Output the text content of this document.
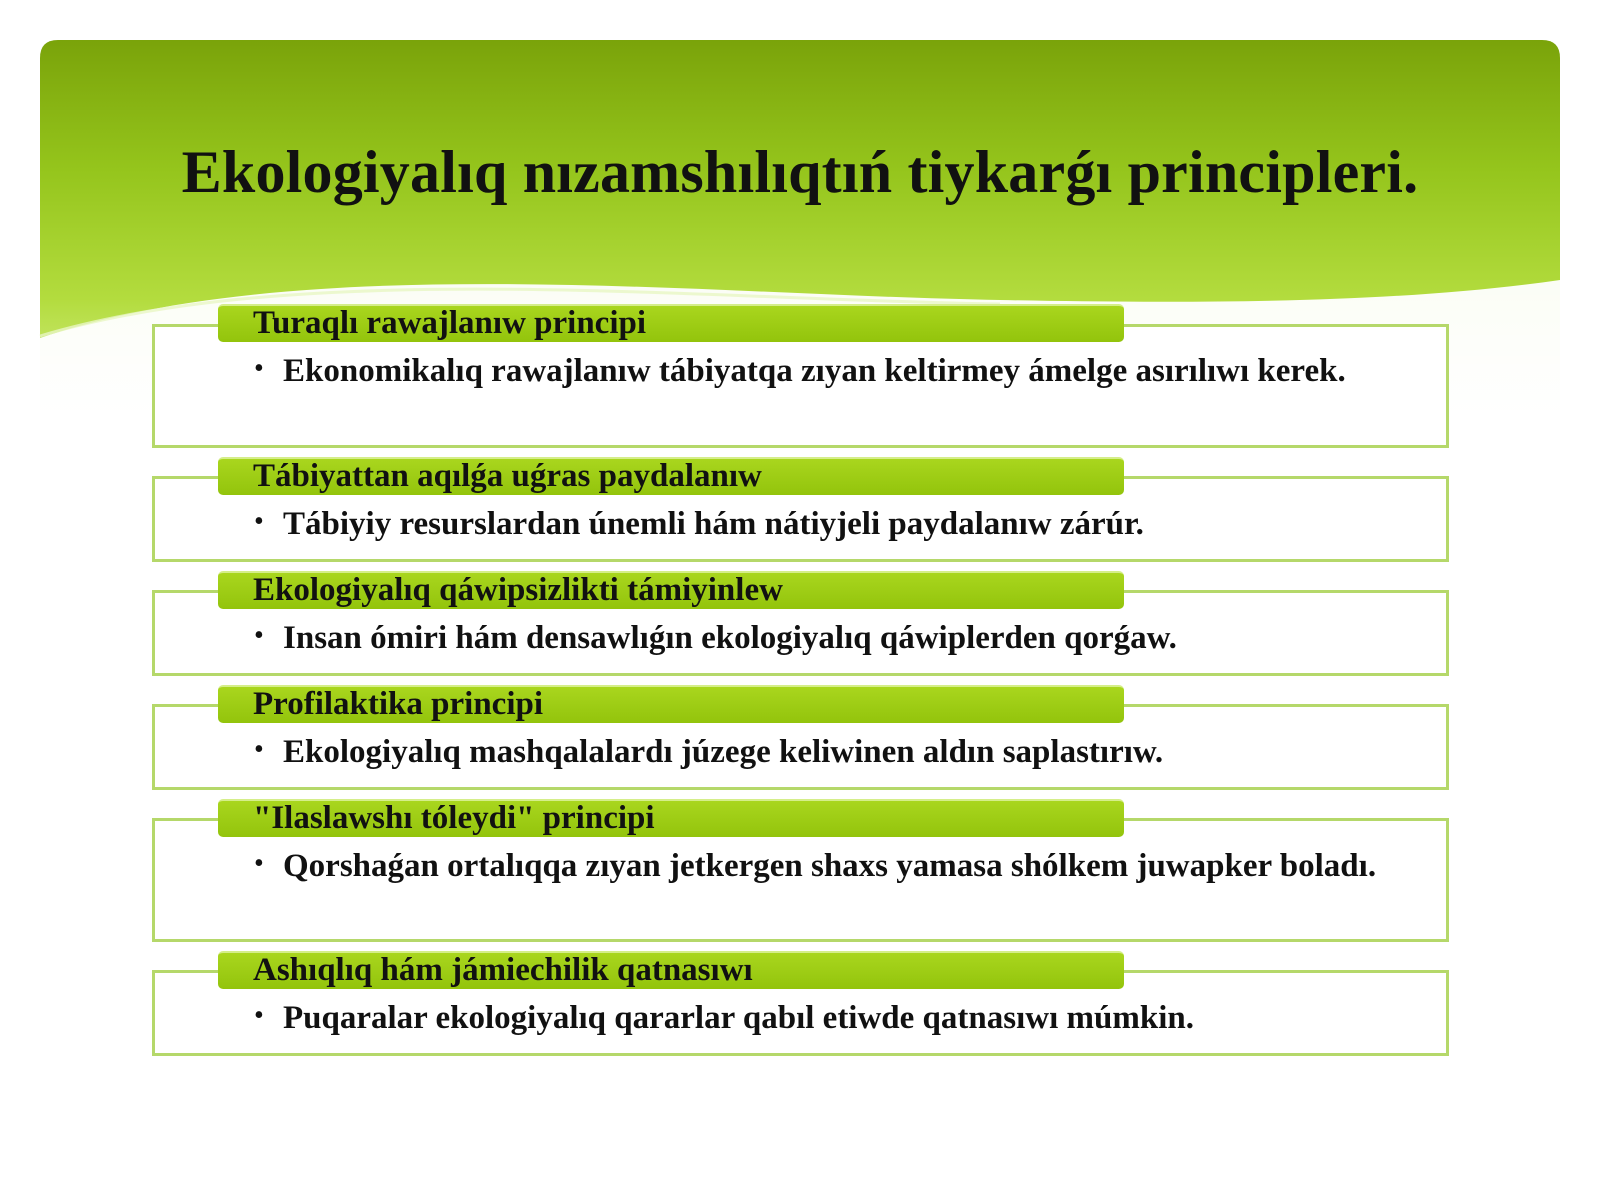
Ekologiyalıq nızamshılıqtıń tiykarǵı principleri.
Turaqlı rawajlanıw principi
• Ekonomikalıq rawajlanıw tábiyatqa zıyan keltirmey ámelge asırılıwı kerek.

Tábiyattan aqılǵa uǵras paydalanıw
• Tábiyiy resurslardan únemli hám nátiyjeli paydalanıw zárúr.

Ekologiyalıq qáwipsizlikti támiyinlew
• Insan ómiri hám densawlıǵın ekologiyalıq qáwiplerden qorǵaw.

Profilaktika principi
• Ekologiyalıq mashqalalardı júzege keliwinen aldın saplastırıw.

"Ilaslawshı tóleydi" principi
• Qorshaǵan ortalıqqa zıyan jetkergen shaxs yamasa shólkem juwapker boladı.

Ashıqlıq hám jámiechilik qatnasıwı
• Puqaralar ekologiyalıq qararlar qabıl etiwde qatnasıwı múmkin.
